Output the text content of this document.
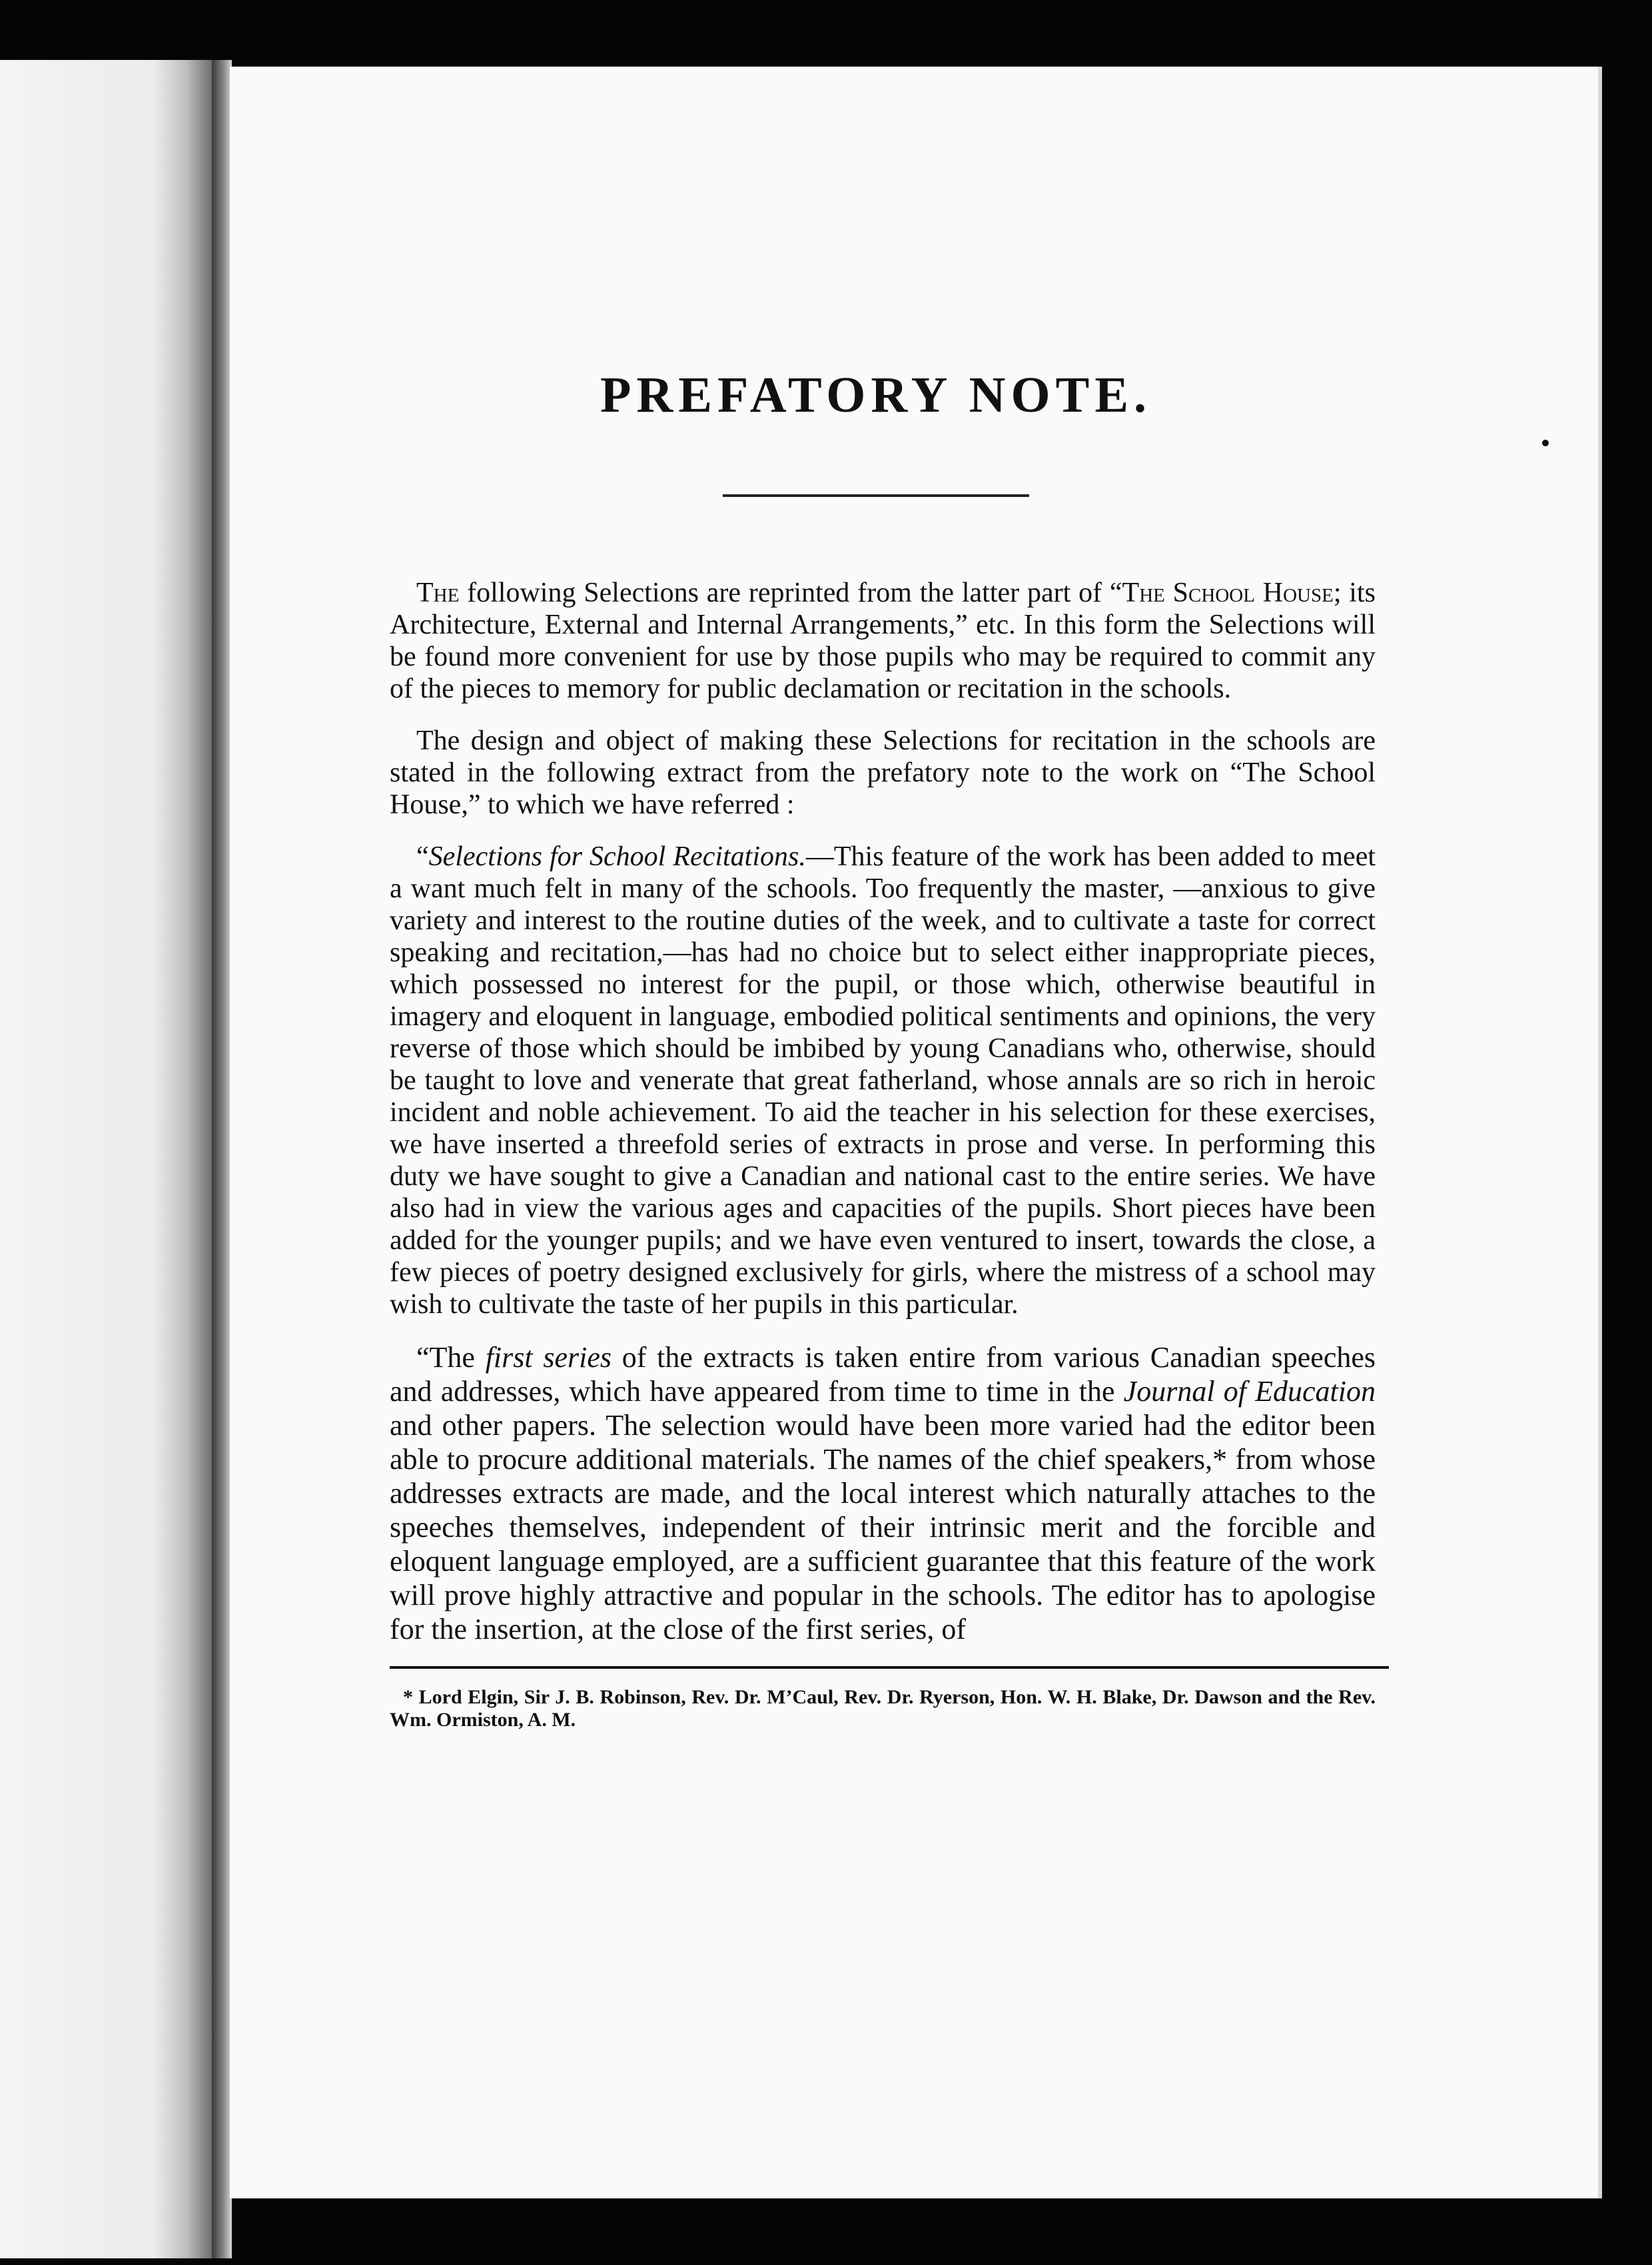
PREFATORY NOTE.

The following Selections are reprinted from the latter part of “The School House; its Architecture, External and Internal Arrangements,” etc. In this form the Selections will be found more convenient for use by those pupils who may be required to commit any of the pieces to memory for public declamation or recitation in the schools.

The design and object of making these Selections for recitation in the schools are stated in the following extract from the prefatory note to the work on “The School House,” to which we have referred :

“Selections for School Recitations.—This feature of the work has been added to meet a want much felt in many of the schools. Too frequently the master, —anxious to give variety and interest to the routine duties of the week, and to cultivate a taste for correct speaking and recitation,—has had no choice but to select either inappropriate pieces, which possessed no interest for the pupil, or those which, otherwise beautiful in imagery and eloquent in language, embodied political sentiments and opinions, the very reverse of those which should be imbibed by young Canadians who, otherwise, should be taught to love and venerate that great fatherland, whose annals are so rich in heroic incident and noble achievement. To aid the teacher in his selection for these exercises, we have inserted a threefold series of extracts in prose and verse. In performing this duty we have sought to give a Canadian and national cast to the entire series. We have also had in view the various ages and capacities of the pupils. Short pieces have been added for the younger pupils; and we have even ventured to insert, towards the close, a few pieces of poetry designed exclusively for girls, where the mistress of a school may wish to cultivate the taste of her pupils in this particular.

“The first series of the extracts is taken entire from various Canadian speeches and addresses, which have appeared from time to time in the Journal of Education and other papers. The selection would have been more varied had the editor been able to procure additional materials. The names of the chief speakers,* from whose addresses extracts are made, and the local interest which naturally attaches to the speeches themselves, independent of their intrinsic merit and the forcible and eloquent language employed, are a sufficient guarantee that this feature of the work will prove highly attractive and popular in the schools. The editor has to apologise for the insertion, at the close of the first series, of

* Lord Elgin, Sir J. B. Robinson, Rev. Dr. M’Caul, Rev. Dr. Ryerson, Hon. W. H. Blake, Dr. Dawson and the Rev. Wm. Ormiston, A. M.
